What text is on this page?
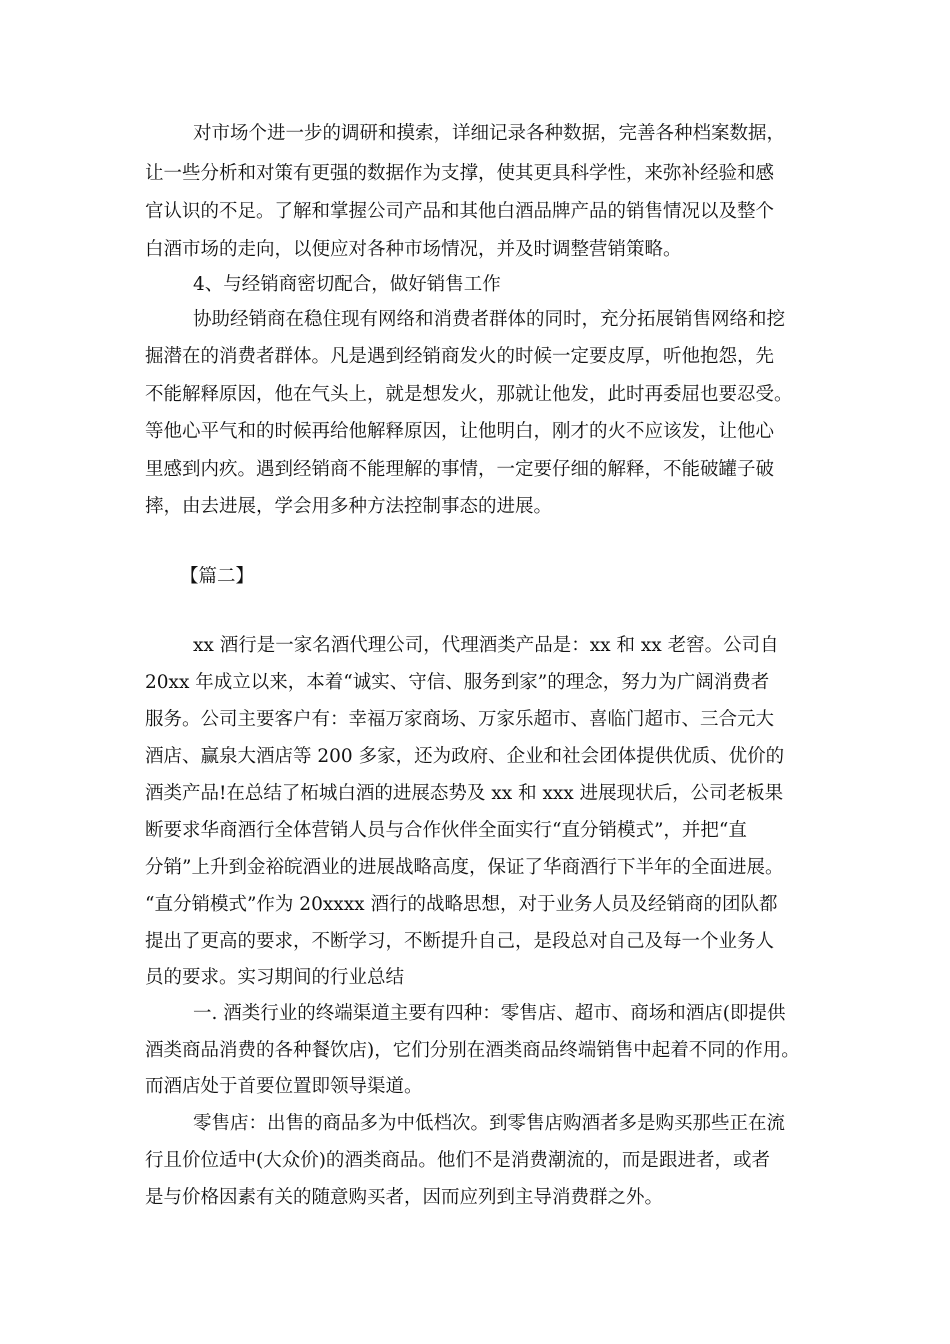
对市场个进一步的调研和摸索，详细记录各种数据，完善各种档案数据，

让一些分析和对策有更强的数据作为支撑，使其更具科学性，来弥补经验和感

官认识的不足。了解和掌握公司产品和其他白酒品牌产品的销售情况以及整个

白酒市场的走向，以便应对各种市场情况，并及时调整营销策略。

4、与经销商密切配合，做好销售工作

协助经销商在稳住现有网络和消费者群体的同时，充分拓展销售网络和挖

掘潜在的消费者群体。凡是遇到经销商发火的时候一定要皮厚，听他抱怨，先

不能解释原因，他在气头上，就是想发火，那就让他发，此时再委屈也要忍受。

等他心平气和的时候再给他解释原因，让他明白，刚才的火不应该发，让他心

里感到内疚。遇到经销商不能理解的事情，一定要仔细的解释，不能破罐子破

摔，由去进展，学会用多种方法控制事态的进展。

【篇二】

xx 酒行是一家名酒代理公司，代理酒类产品是：xx 和 xx 老窖。公司自

20xx 年成立以来，本着“诚实、守信、服务到家”的理念，努力为广阔消费者

服务。公司主要客户有：幸福万家商场、万家乐超市、喜临门超市、三合元大

酒店、赢泉大酒店等 200 多家，还为政府、企业和社会团体提供优质、优价的

酒类产品!在总结了柘城白酒的进展态势及 xx 和 xxx 进展现状后，公司老板果

断要求华商酒行全体营销人员与合作伙伴全面实行“直分销模式”，并把“直

分销”上升到金裕皖酒业的进展战略高度，保证了华商酒行下半年的全面进展。

“直分销模式”作为 20xxxx 酒行的战略思想，对于业务人员及经销商的团队都

提出了更高的要求，不断学习，不断提升自己，是段总对自己及每一个业务人

员的要求。实习期间的行业总结

一. 酒类行业的终端渠道主要有四种：零售店、超市、商场和酒店(即提供

酒类商品消费的各种餐饮店)，它们分别在酒类商品终端销售中起着不同的作用。

而酒店处于首要位置即领导渠道。

零售店：出售的商品多为中低档次。到零售店购酒者多是购买那些正在流

行且价位适中(大众价)的酒类商品。他们不是消费潮流的，而是跟进者，或者

是与价格因素有关的随意购买者，因而应列到主导消费群之外。
